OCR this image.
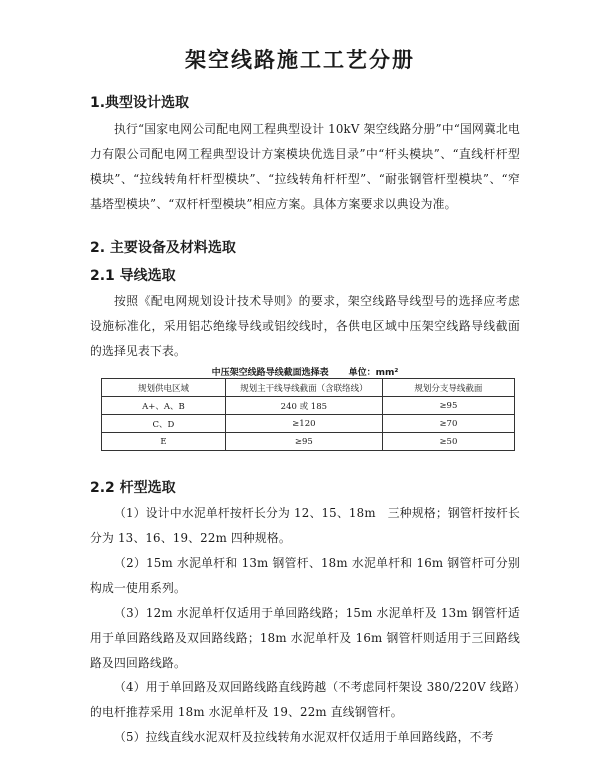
架空线路施工工艺分册
1.典型设计选取

执行“国家电网公司配电网工程典型设计 10kV 架空线路分册”中“国网冀北电力有限公司配电网工程典型设计方案模块优选目录”中“杆头模块”、“直线杆杆型模块”、“拉线转角杆杆型模块”、“拉线转角杆杆型”、“耐张钢管杆型模块”、“窄基塔型模块”、“双杆杆型模块”相应方案。具体方案要求以典设为准。

2. 主要设备及材料选取
2.1 导线选取

按照《配电网规划设计技术导则》的要求，架空线路导线型号的选择应考虑设施标准化，采用铝芯绝缘导线或铝绞线时，各供电区域中压架空线路导线截面的选择见表下表。

中压架空线路导线截面选择表 单位：mm²
规划供电区域	规划主干线导线截面（含联络线）	规划分支导线截面
A+、A、B	240 或 185	≥95
C、D	≥120	≥70
E	≥95	≥50
2.2 杆型选取

（1）设计中水泥单杆按杆长分为 12、15、18m　三种规格；钢管杆按杆长分为 13、16、19、22m 四种规格。

（2）15m 水泥单杆和 13m 钢管杆、18m 水泥单杆和 16m 钢管杆可分别构成一使用系列。

（3）12m 水泥单杆仅适用于单回路线路；15m 水泥单杆及 13m 钢管杆适用于单回路线路及双回路线路；18m 水泥单杆及 16m 钢管杆则适用于三回路线路及四回路线路。

（4）用于单回路及双回路线路直线跨越（不考虑同杆架设 380/220V 线路）的电杆推荐采用 18m 水泥单杆及 19、22m 直线钢管杆。

（5）拉线直线水泥双杆及拉线转角水泥双杆仅适用于单回路线路，不考
